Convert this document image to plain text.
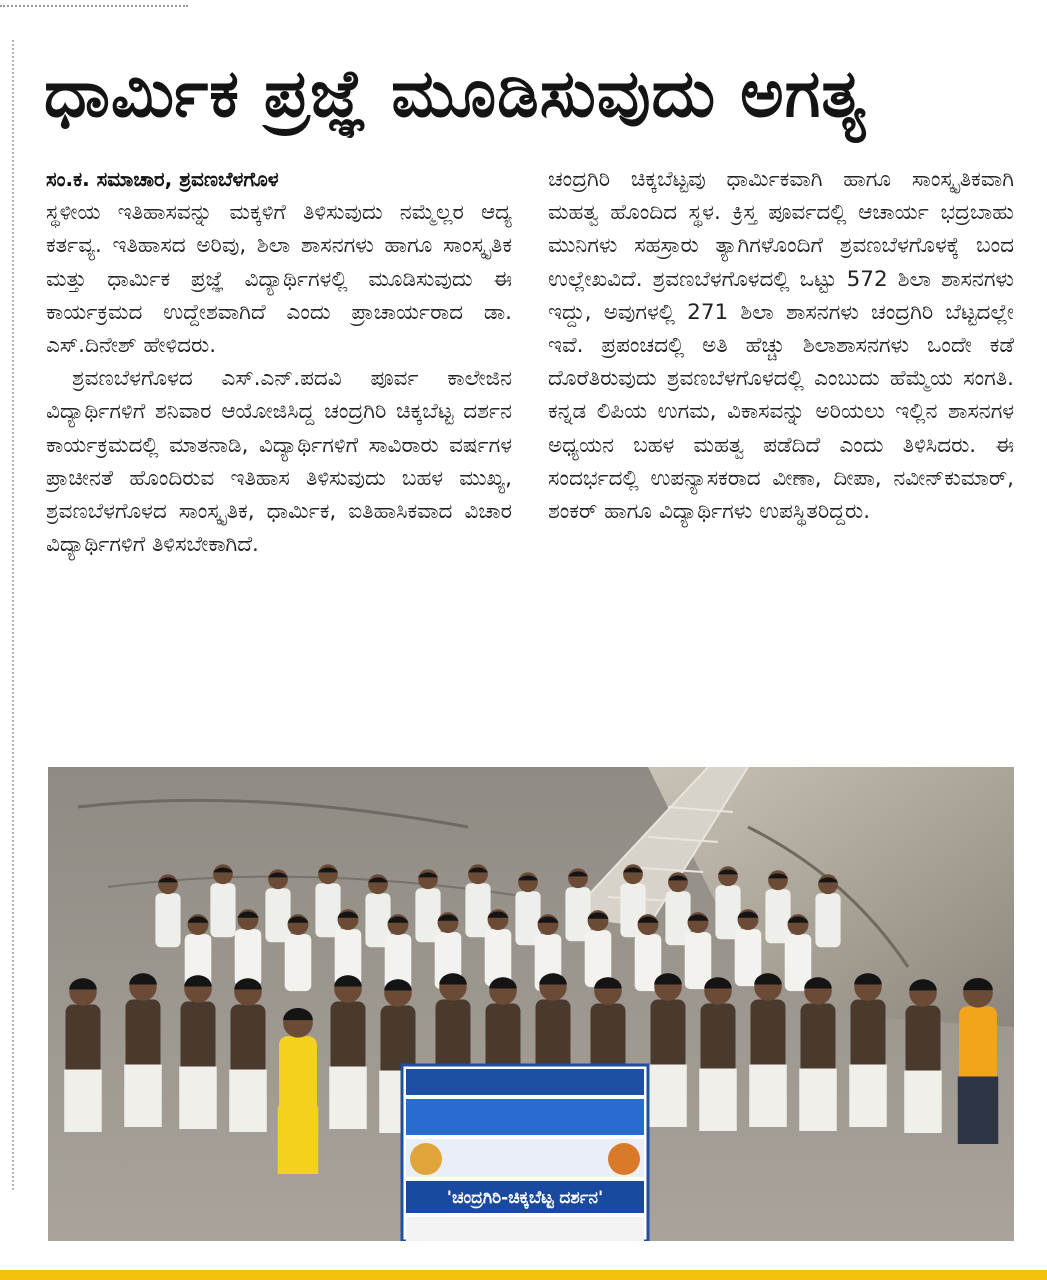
ಧಾರ್ಮಿಕ ಪ್ರಜ್ಞೆ ಮೂಡಿಸುವುದು ಅಗತ್ಯ

ಸಂ.ಕ. ಸಮಾಚಾರ, ಶ್ರವಣಬೆಳಗೊಳ

ಸ್ಥಳೀಯ ಇತಿಹಾಸವನ್ನು ಮಕ್ಕಳಿಗೆ ತಿಳಿಸುವುದು ನಮ್ಮೆಲ್ಲರ ಆದ್ಯ ಕರ್ತವ್ಯ. ಇತಿಹಾಸದ ಅರಿವು, ಶಿಲಾ ಶಾಸನಗಳು ಹಾಗೂ ಸಾಂಸ್ಕೃತಿಕ ಮತ್ತು ಧಾರ್ಮಿಕ ಪ್ರಜ್ಞೆ ವಿದ್ಯಾರ್ಥಿಗಳಲ್ಲಿ ಮೂಡಿಸುವುದು ಈ ಕಾರ್ಯಕ್ರಮದ ಉದ್ದೇಶವಾಗಿದೆ ಎಂದು ಪ್ರಾಚಾರ್ಯರಾದ ಡಾ. ಎಸ್.ದಿನೇಶ್ ಹೇಳಿದರು.

ಶ್ರವಣಬೆಳಗೊಳದ ಎಸ್.ಎನ್.ಪದವಿ ಪೂರ್ವ ಕಾಲೇಜಿನ ವಿದ್ಯಾರ್ಥಿಗಳಿಗೆ ಶನಿವಾರ ಆಯೋಜಿಸಿದ್ದ ಚಂದ್ರಗಿರಿ ಚಿಕ್ಕಬೆಟ್ಟ ದರ್ಶನ ಕಾರ್ಯಕ್ರಮದಲ್ಲಿ ಮಾತನಾಡಿ, ವಿದ್ಯಾರ್ಥಿಗಳಿಗೆ ಸಾವಿರಾರು ವರ್ಷಗಳ ಪ್ರಾಚೀನತೆ ಹೊಂದಿರುವ ಇತಿಹಾಸ ತಿಳಿಸುವುದು ಬಹಳ ಮುಖ್ಯ, ಶ್ರವಣಬೆಳಗೊಳದ ಸಾಂಸ್ಕೃತಿಕ, ಧಾರ್ಮಿಕ, ಐತಿಹಾಸಿಕವಾದ ವಿಚಾರ ವಿದ್ಯಾರ್ಥಿಗಳಿಗೆ ತಿಳಿಸಬೇಕಾಗಿದೆ.

ಚಂದ್ರಗಿರಿ ಚಿಕ್ಕಬೆಟ್ಟವು ಧಾರ್ಮಿಕವಾಗಿ ಹಾಗೂ ಸಾಂಸ್ಕೃತಿಕವಾಗಿ ಮಹತ್ವ ಹೊಂದಿದ ಸ್ಥಳ. ಕ್ರಿಸ್ತ ಪೂರ್ವದಲ್ಲಿ ಆಚಾರ್ಯ ಭದ್ರಬಾಹು ಮುನಿಗಳು ಸಹಸ್ರಾರು ತ್ಯಾಗಿಗಳೊಂದಿಗೆ ಶ್ರವಣಬೆಳಗೊಳಕ್ಕೆ ಬಂದ ಉಲ್ಲೇಖವಿದೆ. ಶ್ರವಣಬೆಳಗೊಳದಲ್ಲಿ ಒಟ್ಟು 572 ಶಿಲಾ ಶಾಸನಗಳು ಇದ್ದು, ಅವುಗಳಲ್ಲಿ 271 ಶಿಲಾ ಶಾಸನಗಳು ಚಂದ್ರಗಿರಿ ಬೆಟ್ಟದಲ್ಲೇ ಇವೆ. ಪ್ರಪಂಚದಲ್ಲಿ ಅತಿ ಹೆಚ್ಚು ಶಿಲಾಶಾಸನಗಳು ಒಂದೇ ಕಡೆ ದೊರೆತಿರುವುದು ಶ್ರವಣಬೆಳಗೊಳದಲ್ಲಿ ಎಂಬುದು ಹೆಮ್ಮೆಯ ಸಂಗತಿ. ಕನ್ನಡ ಲಿಪಿಯ ಉಗಮ, ವಿಕಾಸವನ್ನು ಅರಿಯಲು ಇಲ್ಲಿನ ಶಾಸನಗಳ ಅಧ್ಯಯನ ಬಹಳ ಮಹತ್ವ ಪಡೆದಿದೆ ಎಂದು ತಿಳಿಸಿದರು. ಈ ಸಂದರ್ಭದಲ್ಲಿ ಉಪನ್ಯಾಸಕರಾದ ವೀಣಾ, ದೀಪಾ, ನವೀನ್‌ಕುಮಾರ್, ಶಂಕರ್ ಹಾಗೂ ವಿದ್ಯಾರ್ಥಿಗಳು ಉಪಸ್ಥಿತರಿದ್ದರು.

'ಚಂದ್ರಗಿರಿ-ಚಿಕ್ಕಬೆಟ್ಟ ದರ್ಶನ'
